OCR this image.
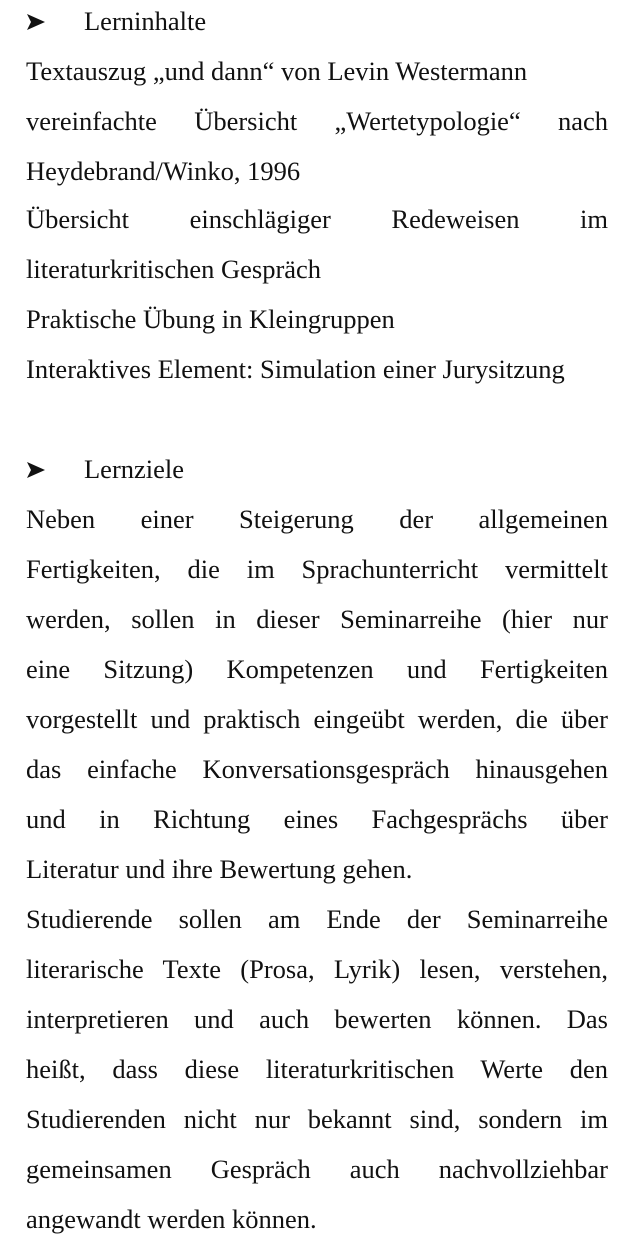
Lerninhalte
Textauszug „und dann“ von Levin Westermann
vereinfachte Übersicht „Wertetypologie“ nach
Heydebrand/Winko, 1996
Übersicht einschlägiger Redeweisen im
literaturkritischen Gespräch
Praktische Übung in Kleingruppen
Interaktives Element: Simulation einer Jurysitzung
Lernziele
Neben einer Steigerung der allgemeinen
Fertigkeiten, die im Sprachunterricht vermittelt
werden, sollen in dieser Seminarreihe (hier nur
eine Sitzung) Kompetenzen und Fertigkeiten
vorgestellt und praktisch eingeübt werden, die über
das einfache Konversationsgespräch hinausgehen
und in Richtung eines Fachgesprächs über
Literatur und ihre Bewertung gehen.
Studierende sollen am Ende der Seminarreihe
literarische Texte (Prosa, Lyrik) lesen, verstehen,
interpretieren und auch bewerten können. Das
heißt, dass diese literaturkritischen Werte den
Studierenden nicht nur bekannt sind, sondern im
gemeinsamen Gespräch auch nachvollziehbar
angewandt werden können.
